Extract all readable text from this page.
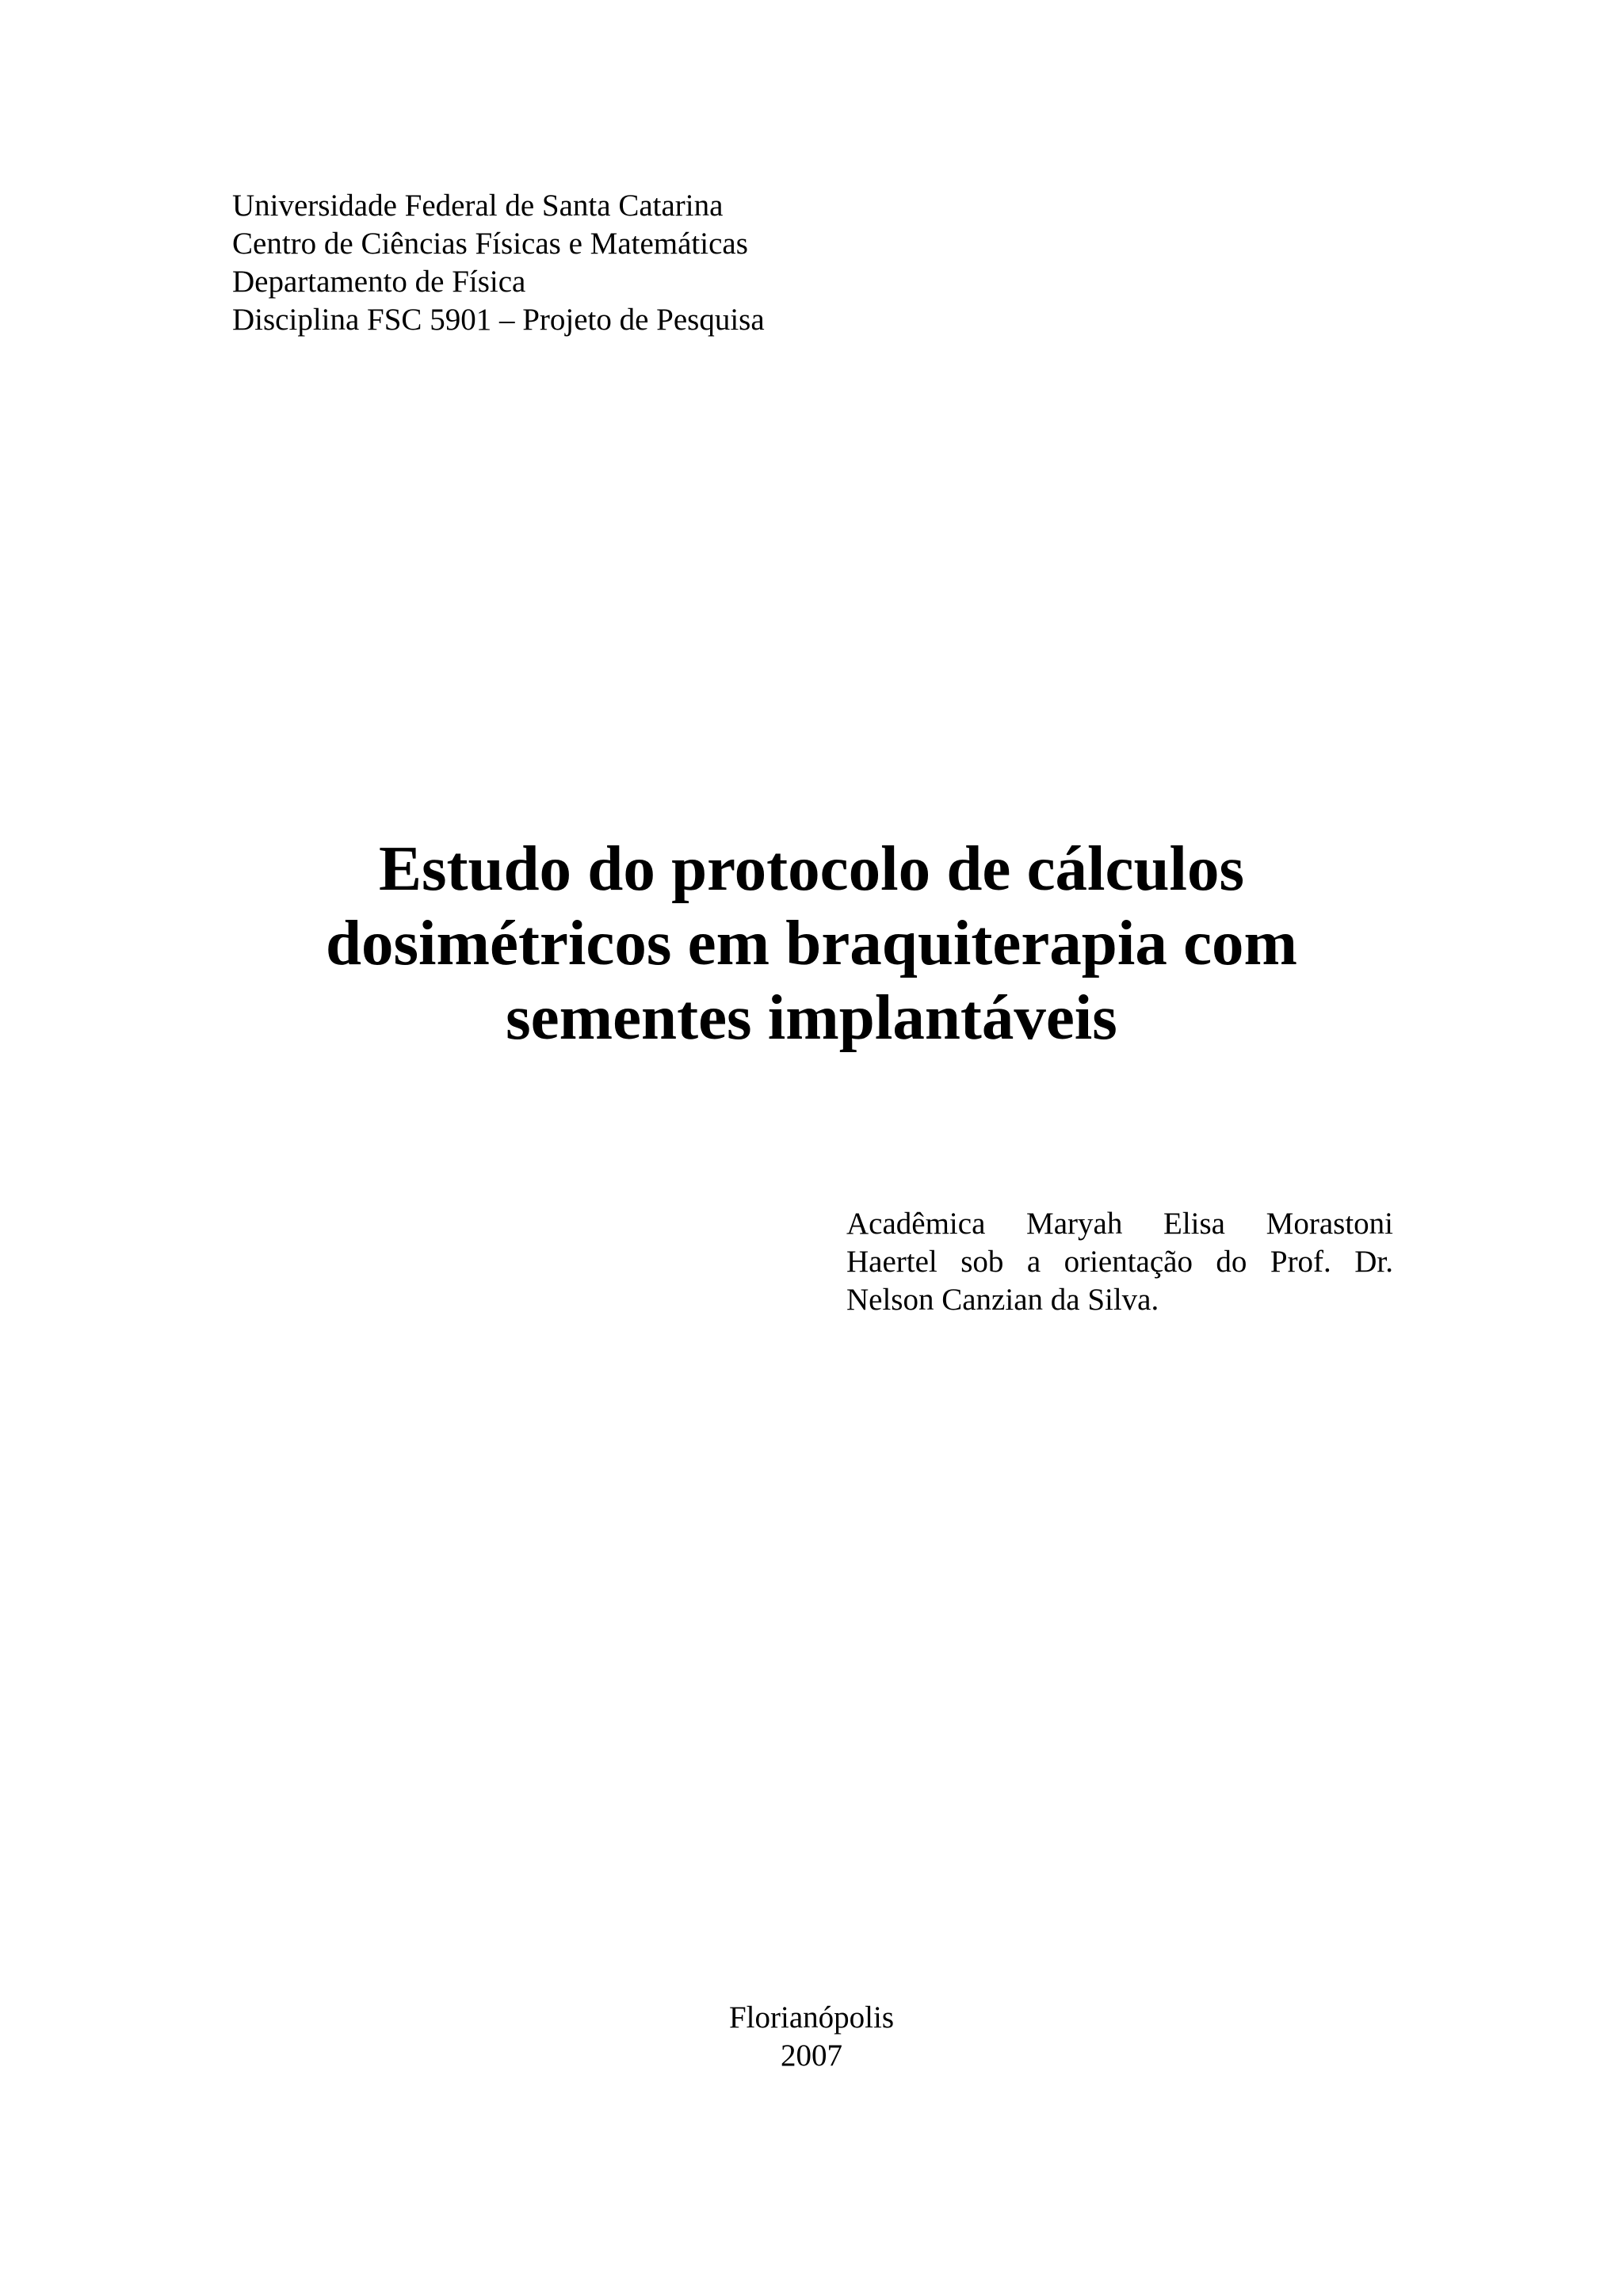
Universidade Federal de Santa Catarina
Centro de Ciências Físicas e Matemáticas
Departamento de Física
Disciplina FSC 5901 – Projeto de Pesquisa
Estudo do protocolo de cálculos
dosimétricos em braquiterapia com
sementes implantáveis
Acadêmica Maryah Elisa Morastoni
Haertel sob a orientação do Prof. Dr.
Nelson Canzian da Silva.
Florianópolis
2007
